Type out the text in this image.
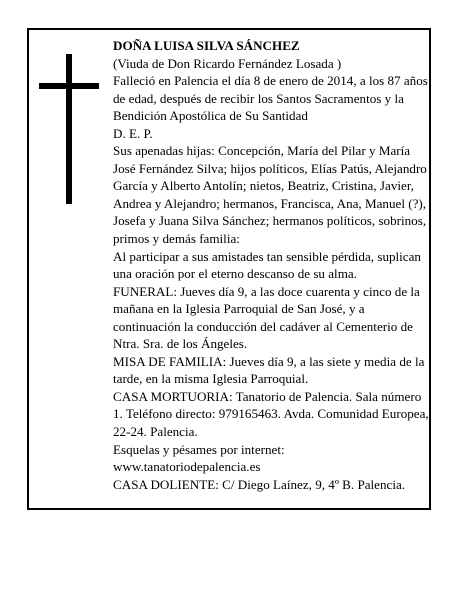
DOÑA LUISA SILVA SÁNCHEZ

(Viuda de Don Ricardo Fernández Losada )

Falleció en Palencia el día 8 de enero de 2014, a los 87 años de edad, después de recibir los Santos Sacramentos y la Bendición Apostólica de Su Santidad

D. E. P.

Sus apenadas hijas: Concepción, María del Pilar y María José Fernández Silva; hijos políticos, Elías Patús, Alejandro García y Alberto Antolín; nietos, Beatriz, Cristina, Javier, Andrea y Alejandro; hermanos, Francisca, Ana, Manuel (?), Josefa y Juana Silva Sánchez; hermanos políticos, sobrinos, primos y demás familia:

Al participar a sus amistades tan sensible pérdida, suplican una oración por el eterno descanso de su alma.

FUNERAL: Jueves día 9, a las doce cuarenta y cinco de la mañana en la Iglesia Parroquial de San José, y a continuación la conducción del cadáver al Cementerio de Ntra. Sra. de los Ángeles.

MISA DE FAMILIA: Jueves día 9, a las siete y media de la tarde, en la misma Iglesia Parroquial.

CASA MORTUORIA: Tanatorio de Palencia. Sala número 1. Teléfono directo: 979165463. Avda. Comunidad Europea, 22-24. Palencia.

Esquelas y pésames por internet:

www.tanatoriodepalencia.es

CASA DOLIENTE: C/ Diego Laínez, 9, 4º B. Palencia.
